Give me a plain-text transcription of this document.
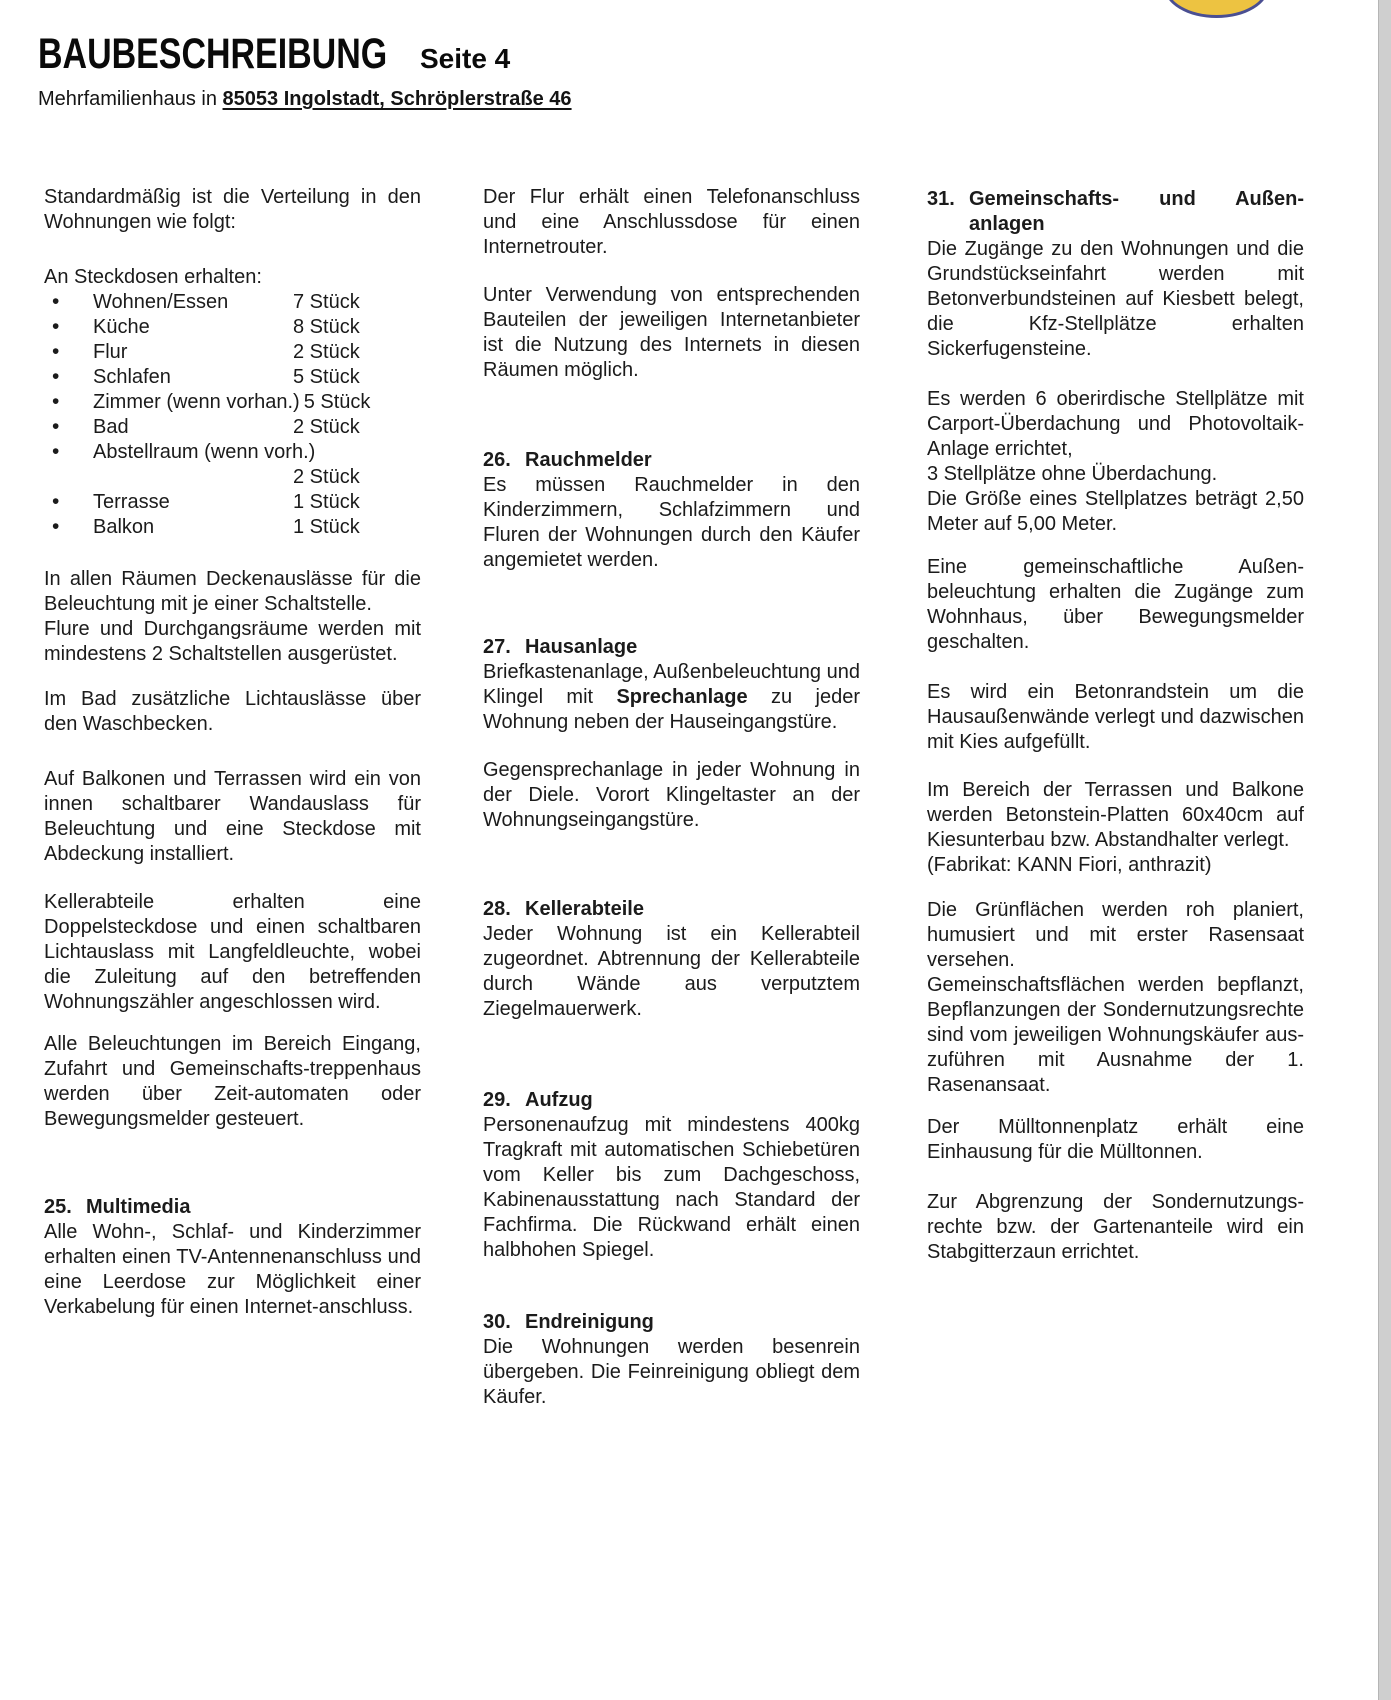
BAUBESCHREIBUNG Seite 4
Mehrfamilienhaus in 85053 Ingolstadt, Schröplerstraße 46
Standardmäßig ist die Verteilung in den Wohnungen wie folgt:
An Steckdosen erhalten:
• Wohnen/Essen	7 Stück
• Küche	8 Stück
• Flur	2 Stück
• Schlafen	5 Stück
• Zimmer (wenn vorhan.) 5 Stück
• Bad	2 Stück
• Abstellraum (wenn vorh.)
2 Stück
• Terrasse	1 Stück
• Balkon	1 Stück
In allen Räumen Deckenauslässe für die Beleuchtung mit je einer Schaltstelle.
Flure und Durchgangsräume werden mit mindestens 2 Schaltstellen ausgerüstet.
Im Bad zusätzliche Lichtauslässe über den Waschbecken.
Auf Balkonen und Terrassen wird ein von innen schaltbarer Wandauslass für Beleuchtung und eine Steckdose mit Abdeckung installiert.
Kellerabteile erhalten eine Doppelsteckdose und einen schaltbaren Lichtauslass mit Langfeldleuchte, wobei die Zuleitung auf den betreffenden Wohnungszähler angeschlossen wird.
Alle Beleuchtungen im Bereich Eingang, Zufahrt und Gemeinschafts-treppenhaus werden über Zeit-automaten oder Bewegungsmelder gesteuert.
25. Multimedia
Alle Wohn-, Schlaf- und Kinderzimmer erhalten einen TV-Antennenanschluss und eine Leerdose zur Möglichkeit einer Verkabelung für einen Internet-anschluss.
Der Flur erhält einen Telefonanschluss und eine Anschlussdose für einen Internetrouter.
Unter Verwendung von entsprechenden Bauteilen der jeweiligen Internetanbieter ist die Nutzung des Internets in diesen Räumen möglich.
26. Rauchmelder
Es müssen Rauchmelder in den Kinderzimmern, Schlafzimmern und Fluren der Wohnungen durch den Käufer angemietet werden.
27. Hausanlage
Briefkastenanlage, Außenbeleuchtung und Klingel mit Sprechanlage zu jeder Wohnung neben der Hauseingangstüre.
Gegensprechanlage in jeder Wohnung in der Diele. Vorort Klingeltaster an der Wohnungseingangstüre.
28. Kellerabteile
Jeder Wohnung ist ein Kellerabteil zugeordnet. Abtrennung der Kellerabteile durch Wände aus verputztem Ziegelmauerwerk.
29. Aufzug
Personenaufzug mit mindestens 400kg Tragkraft mit automatischen Schiebetüren vom Keller bis zum Dachgeschoss, Kabinenausstattung nach Standard der Fachfirma. Die Rückwand erhält einen halbhohen Spiegel.
30. Endreinigung
Die Wohnungen werden besenrein übergeben. Die Feinreinigung obliegt dem Käufer.
31. Gemeinschafts- und Außen-anlagen
Die Zugänge zu den Wohnungen und die Grundstückseinfahrt werden mit Betonverbundsteinen auf Kiesbett belegt, die Kfz-Stellplätze erhalten Sickerfugensteine.
Es werden 6 oberirdische Stellplätze mit Carport-Überdachung und Photovoltaik-Anlage errichtet,
3 Stellplätze ohne Überdachung.
Die Größe eines Stellplatzes beträgt 2,50 Meter auf 5,00 Meter.
Eine gemeinschaftliche Außen-beleuchtung erhalten die Zugänge zum Wohnhaus, über Bewegungsmelder geschalten.
Es wird ein Betonrandstein um die Hausaußenwände verlegt und dazwischen mit Kies aufgefüllt.
Im Bereich der Terrassen und Balkone werden Betonstein-Platten 60x40cm auf Kiesunterbau bzw. Abstandhalter verlegt.
(Fabrikat: KANN Fiori, anthrazit)
Die Grünflächen werden roh planiert, humusiert und mit erster Rasensaat versehen.
Gemeinschaftsflächen werden bepflanzt, Bepflanzungen der Sondernutzungsrechte sind vom jeweiligen Wohnungskäufer aus-zuführen mit Ausnahme der 1. Rasenansaat.
Der Mülltonnenplatz erhält eine Einhausung für die Mülltonnen.
Zur Abgrenzung der Sondernutzungs-rechte bzw. der Gartenanteile wird ein Stabgitterzaun errichtet.
